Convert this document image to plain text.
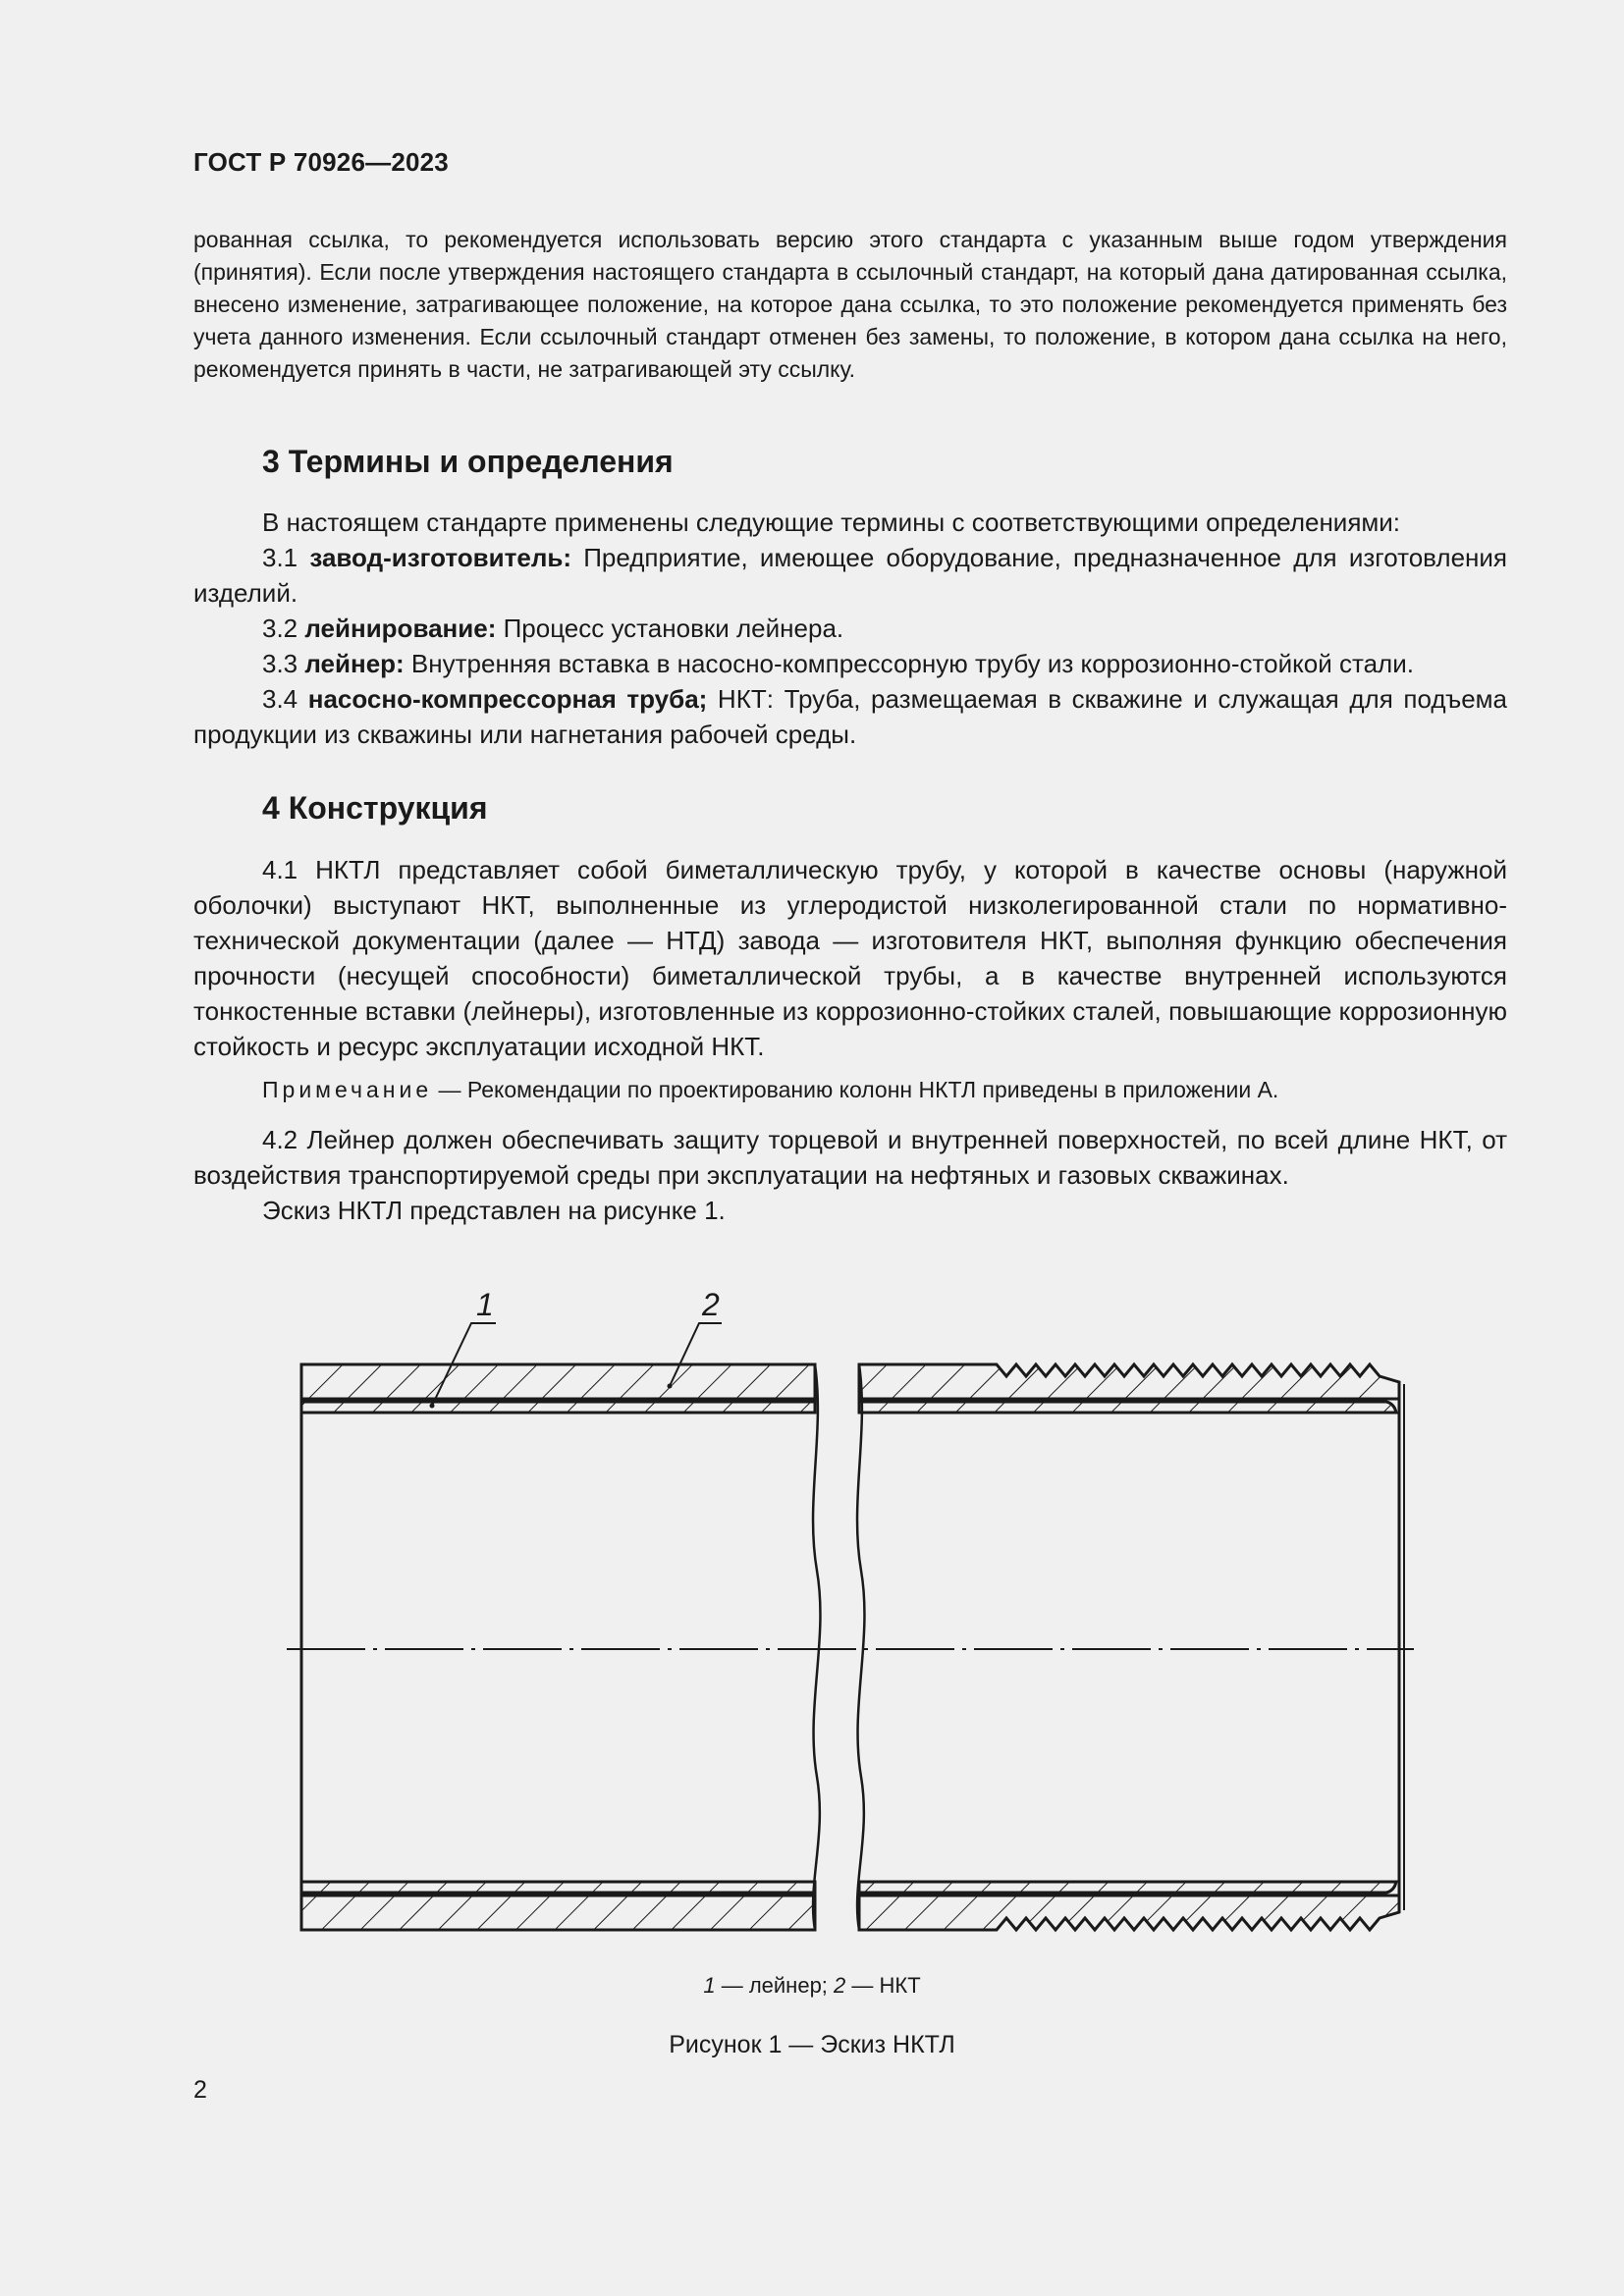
ГОСТ Р 70926—2023

рованная ссылка, то рекомендуется использовать версию этого стандарта с указанным выше годом утверждения (принятия). Если после утверждения настоящего стандарта в ссылочный стандарт, на который дана датированная ссылка, внесено изменение, затрагивающее положение, на которое дана ссылка, то это положение рекомендуется применять без учета данного изменения. Если ссылочный стандарт отменен без замены, то положение, в котором дана ссылка на него, рекомендуется принять в части, не затрагивающей эту ссылку.

3 Термины и определения

В настоящем стандарте применены следующие термины с соответствующими определениями:

3.1 завод-изготовитель: Предприятие, имеющее оборудование, предназначенное для изготовления изделий.

3.2 лейнирование: Процесс установки лейнера.

3.3 лейнер: Внутренняя вставка в насосно-компрессорную трубу из коррозионно-стойкой стали.

3.4 насосно-компрессорная труба; НКТ: Труба, размещаемая в скважине и служащая для подъема продукции из скважины или нагнетания рабочей среды.

4 Конструкция

4.1 НКТЛ представляет собой биметаллическую трубу, у которой в качестве основы (наружной оболочки) выступают НКТ, выполненные из углеродистой низколегированной стали по нормативно-технической документации (далее — НТД) завода — изготовителя НКТ, выполняя функцию обеспечения прочности (несущей способности) биметаллической трубы, а в качестве внутренней используются тонкостенные вставки (лейнеры), изготовленные из коррозионно-стойких сталей, повышающие коррозионную стойкость и ресурс эксплуатации исходной НКТ.

Примечание — Рекомендации по проектированию колонн НКТЛ приведены в приложении А.

4.2 Лейнер должен обеспечивать защиту торцевой и внутренней поверхностей, по всей длине НКТ, от воздействия транспортируемой среды при эксплуатации на нефтяных и газовых скважинах.

Эскиз НКТЛ представлен на рисунке 1.

1	2
1 — лейнер; 2 — НКТ
Рисунок 1 — Эскиз НКТЛ
2
